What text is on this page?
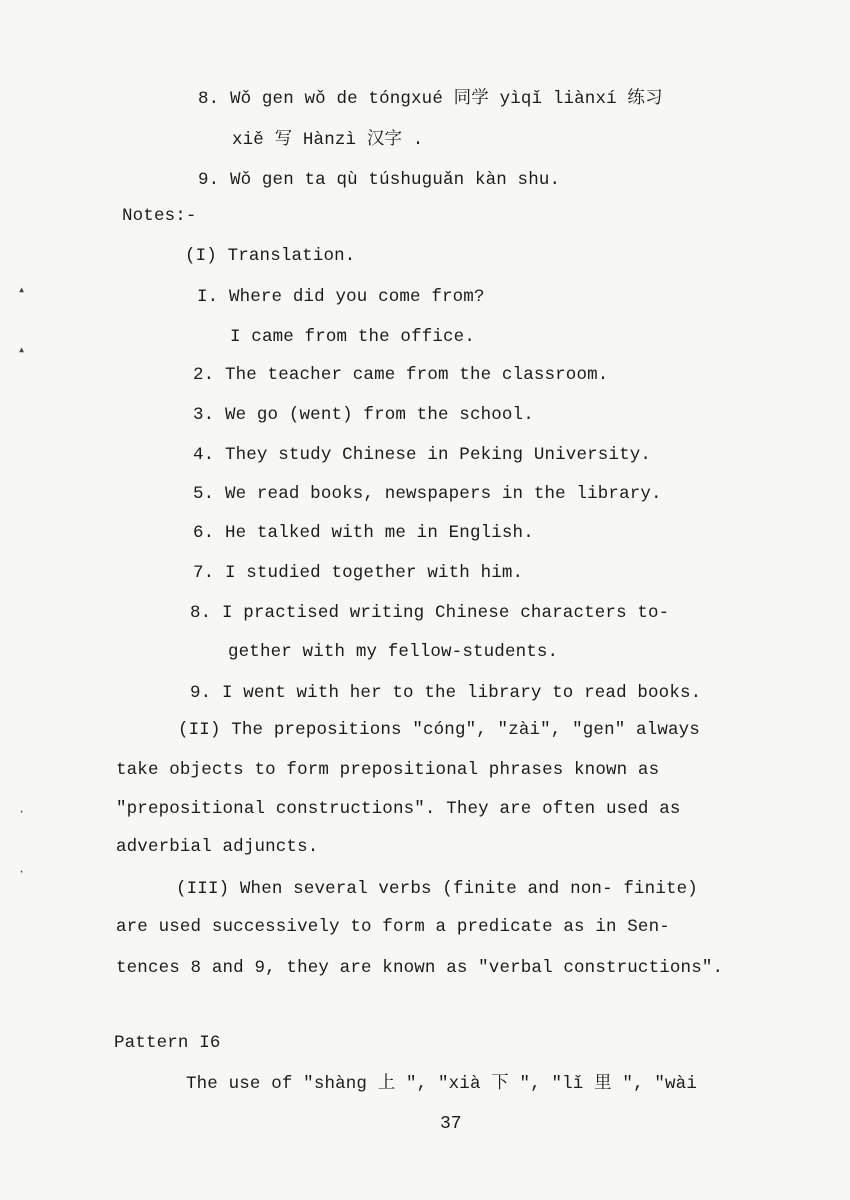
8. Wǒ gen wǒ de tóngxué 同学 yìqǐ liànxí 练习
xiě 写 Hànzì 汉字 .
9. Wǒ gen ta qù túshuguǎn kàn shu.
Notes:-
(I) Translation.
I. Where did you come from?
I came from the office.
2. The teacher came from the classroom.
3. We go (went) from the school.
4. They study Chinese in Peking University.
5. We read books, newspapers in the library.
6. He talked with me in English.
7. I studied together with him.
8. I practised writing Chinese characters to-
gether with my fellow-students.
9. I went with her to the library to read books.
(II) The prepositions "cóng", "zài", "gen" always
take objects to form prepositional phrases known as
"prepositional constructions". They are often used as
adverbial adjuncts.
(III) When several verbs (finite and non- finite)
are used successively to form a predicate as in Sen-
tences 8 and 9, they are known as "verbal constructions".
Pattern I6
The use of "shàng 上 ", "xià 下 ", "lǐ 里 ", "wài
37
▴
▴
·
·
